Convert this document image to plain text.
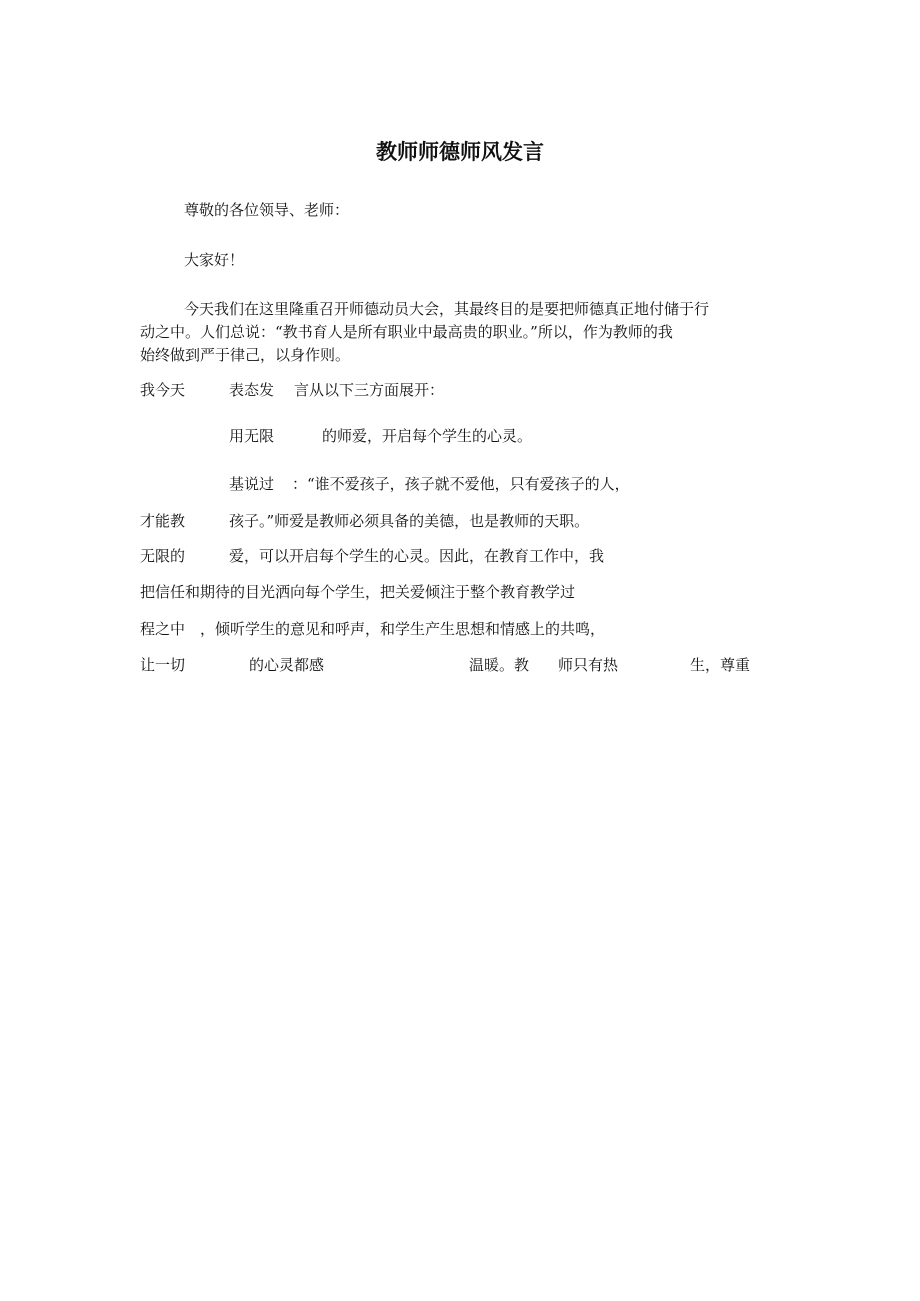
教师师德师风发言
尊敬的各位领导、老师：
大家好！
今天我们在这里隆重召开师德动员大会，其最终目的是要把师德真正地付储于行
动之中。人们总说：“教书育人是所有职业中最高贵的职业。”所以，作为教师的我
始终做到严于律己，以身作则。
我今天	表态发 言从以下三方面展开：
用无限	的师爱，开启每个学生的心灵。
基说过 ：“谁不爱孩子，孩子就不爱他，只有爱孩子的人，
才能教	孩子。”师爱是教师必须具备的美德，也是教师的天职。
无限的	爱，可以开启每个学生的心灵。因此，在教育工作中，我
把信任和期待的目光洒向每个学生，把关爱倾注于整个教育教学过
程之中 ，倾听学生的意见和呼声，和学生产生思想和情感上的共鸣，
让一切	的心灵都感	温暖。教 师只有热	生，尊重
